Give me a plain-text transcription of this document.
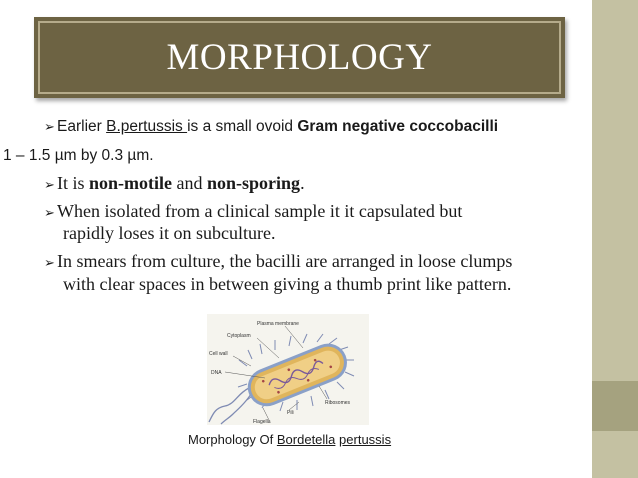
MORPHOLOGY
➢ Earlier B.pertussis is a small ovoid Gram negative coccobacilli
1 – 1.5 µm by 0.3 µm.
➢ It is non-motile and non-sporing.
➢ When isolated from a clinical sample it it capsulated but
rapidly loses it on subculture.
➢ In smears from culture, the bacilli are arranged in loose clumps
with clear spaces in between giving a thumb print like pattern.
Plasma membrane
Cytoplasm
Cell wall
DNA
Ribosomes
Pili
Flagella
Morphology Of Bordetella pertussis
